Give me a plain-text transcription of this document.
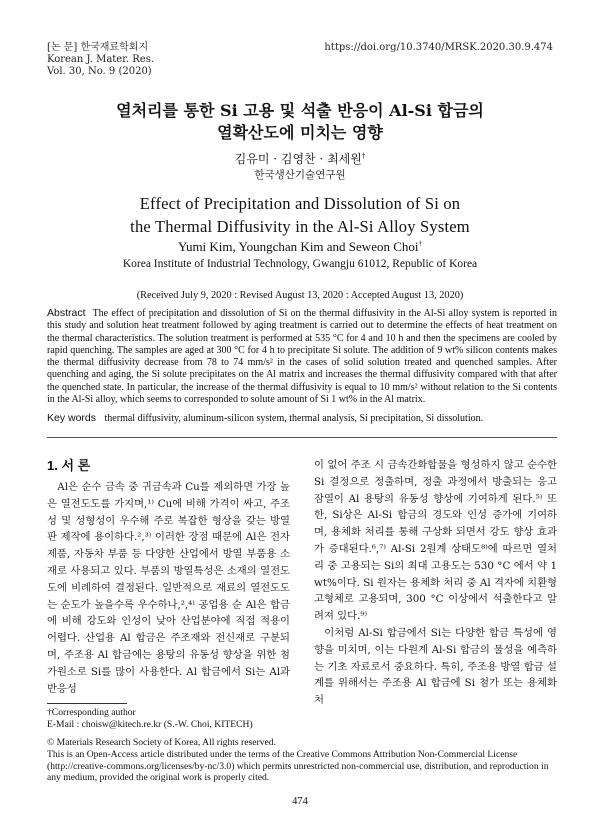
[논 문] 한국재료학회지
Korean J. Mater. Res.
Vol. 30, No. 9 (2020)
https://doi.org/10.3740/MRSK.2020.30.9.474
열처리를 통한 Si 고용 및 석출 반응이 Al-Si 합금의
열확산도에 미치는 영향
김유미 · 김영찬 · 최세원†
한국생산기술연구원
Effect of Precipitation and Dissolution of Si on
the Thermal Diffusivity in the Al-Si Alloy System
Yumi Kim, Youngchan Kim and Seweon Choi†
Korea Institute of Industrial Technology, Gwangju 61012, Republic of Korea
(Received July 9, 2020 : Revised August 13, 2020 : Accepted August 13, 2020)
Abstract The effect of precipitation and dissolution of Si on the thermal diffusivity in the Al-Si alloy system is reported in this study and solution heat treatment followed by aging treatment is carried out to determine the effects of heat treatment on the thermal characteristics. The solution treatment is performed at 535 °C for 4 and 10 h and then the specimens are cooled by rapid quenching. The samples are aged at 300 °C for 4 h to precipitate Si solute. The addition of 9 wt% silicon contents makes the thermal diffusivity decrease from 78 to 74 mm/s² in the cases of solid solution treated and quenched samples. After quenching and aging, the Si solute precipitates on the Al matrix and increases the thermal diffusivity compared with that after the quenched state. In particular, the increase of the thermal diffusivity is equal to 10 mm/s² without relation to the Si contents in the Al-Si alloy, which seems to corresponded to solute amount of Si 1 wt% in the Al matrix.
Key words thermal diffusivity, aluminum-silicon system, thermal analysis, Si precipitation, Si dissolution.
1. 서 론

Al은 순수 금속 중 귀금속과 Cu를 제외하면 가장 높은 열전도도를 가지며,¹⁾ Cu에 비해 가격이 싸고, 주조성 및 성형성이 우수해 주로 복잡한 형상을 갖는 방열판 제작에 용이하다.²,³⁾ 이러한 장점 때문에 Al은 전자제품, 자동차 부품 등 다양한 산업에서 방열 부품용 소재로 사용되고 있다. 부품의 방열특성은 소재의 열전도도에 비례하여 결정된다. 일반적으로 재료의 열전도도는 순도가 높을수록 우수하나,²,⁴⁾ 공업용 순 Al은 합금에 비해 강도와 인성이 낮아 산업분야에 직접 적용이 어렵다. 산업용 Al 합금은 주조재와 전신재로 구분되며, 주조용 Al 합금에는 용탕의 유동성 향상을 위한 첨가원소로 Si를 많이 사용한다. Al 합금에서 Si는 Al과 반응성

이 없어 주조 시 금속간화합물을 형성하지 않고 순수한 Si 결정으로 정출하며, 정출 과정에서 방출되는 응고 잠열이 Al 용탕의 유동성 향상에 기여하게 된다.⁵⁾ 또한, Si상은 Al-Si 합금의 경도와 인성 증가에 기여하며, 용체화 처리를 통해 구상화 되면서 강도 향상 효과가 증대된다.⁶,⁷⁾ Al-Si 2원계 상태도⁸⁾에 따르면 열처리 중 고용되는 Si의 최대 고용도는 530 °C 에서 약 1 wt%이다. Si 원자는 용체화 처리 중 Al 격자에 치환형 고형체로 고용되며, 300 °C 이상에서 석출한다고 알려져 있다.⁹⁾

이처럼 Al-Si 합금에서 Si는 다양한 합금 특성에 영향을 미치며, 이는 다원계 Al-Si 합금의 물성을 예측하는 기초 자료로서 중요하다. 특히, 주조용 방열 합금 설계를 위해서는 주조용 Al 합금에 Si 첨가 또는 용체화 처

†Corresponding author
E-Mail : choisw@kitech.re.kr (S.-W. Choi, KITECH)
© Materials Research Society of Korea, All rights reserved.
This is an Open-Access article distributed under the terms of the Creative Commons Attribution Non-Commercial License (http://creative-commons.org/licenses/by-nc/3.0) which permits unrestricted non-commercial use, distribution, and reproduction in any medium, provided the original work is properly cited.
474
